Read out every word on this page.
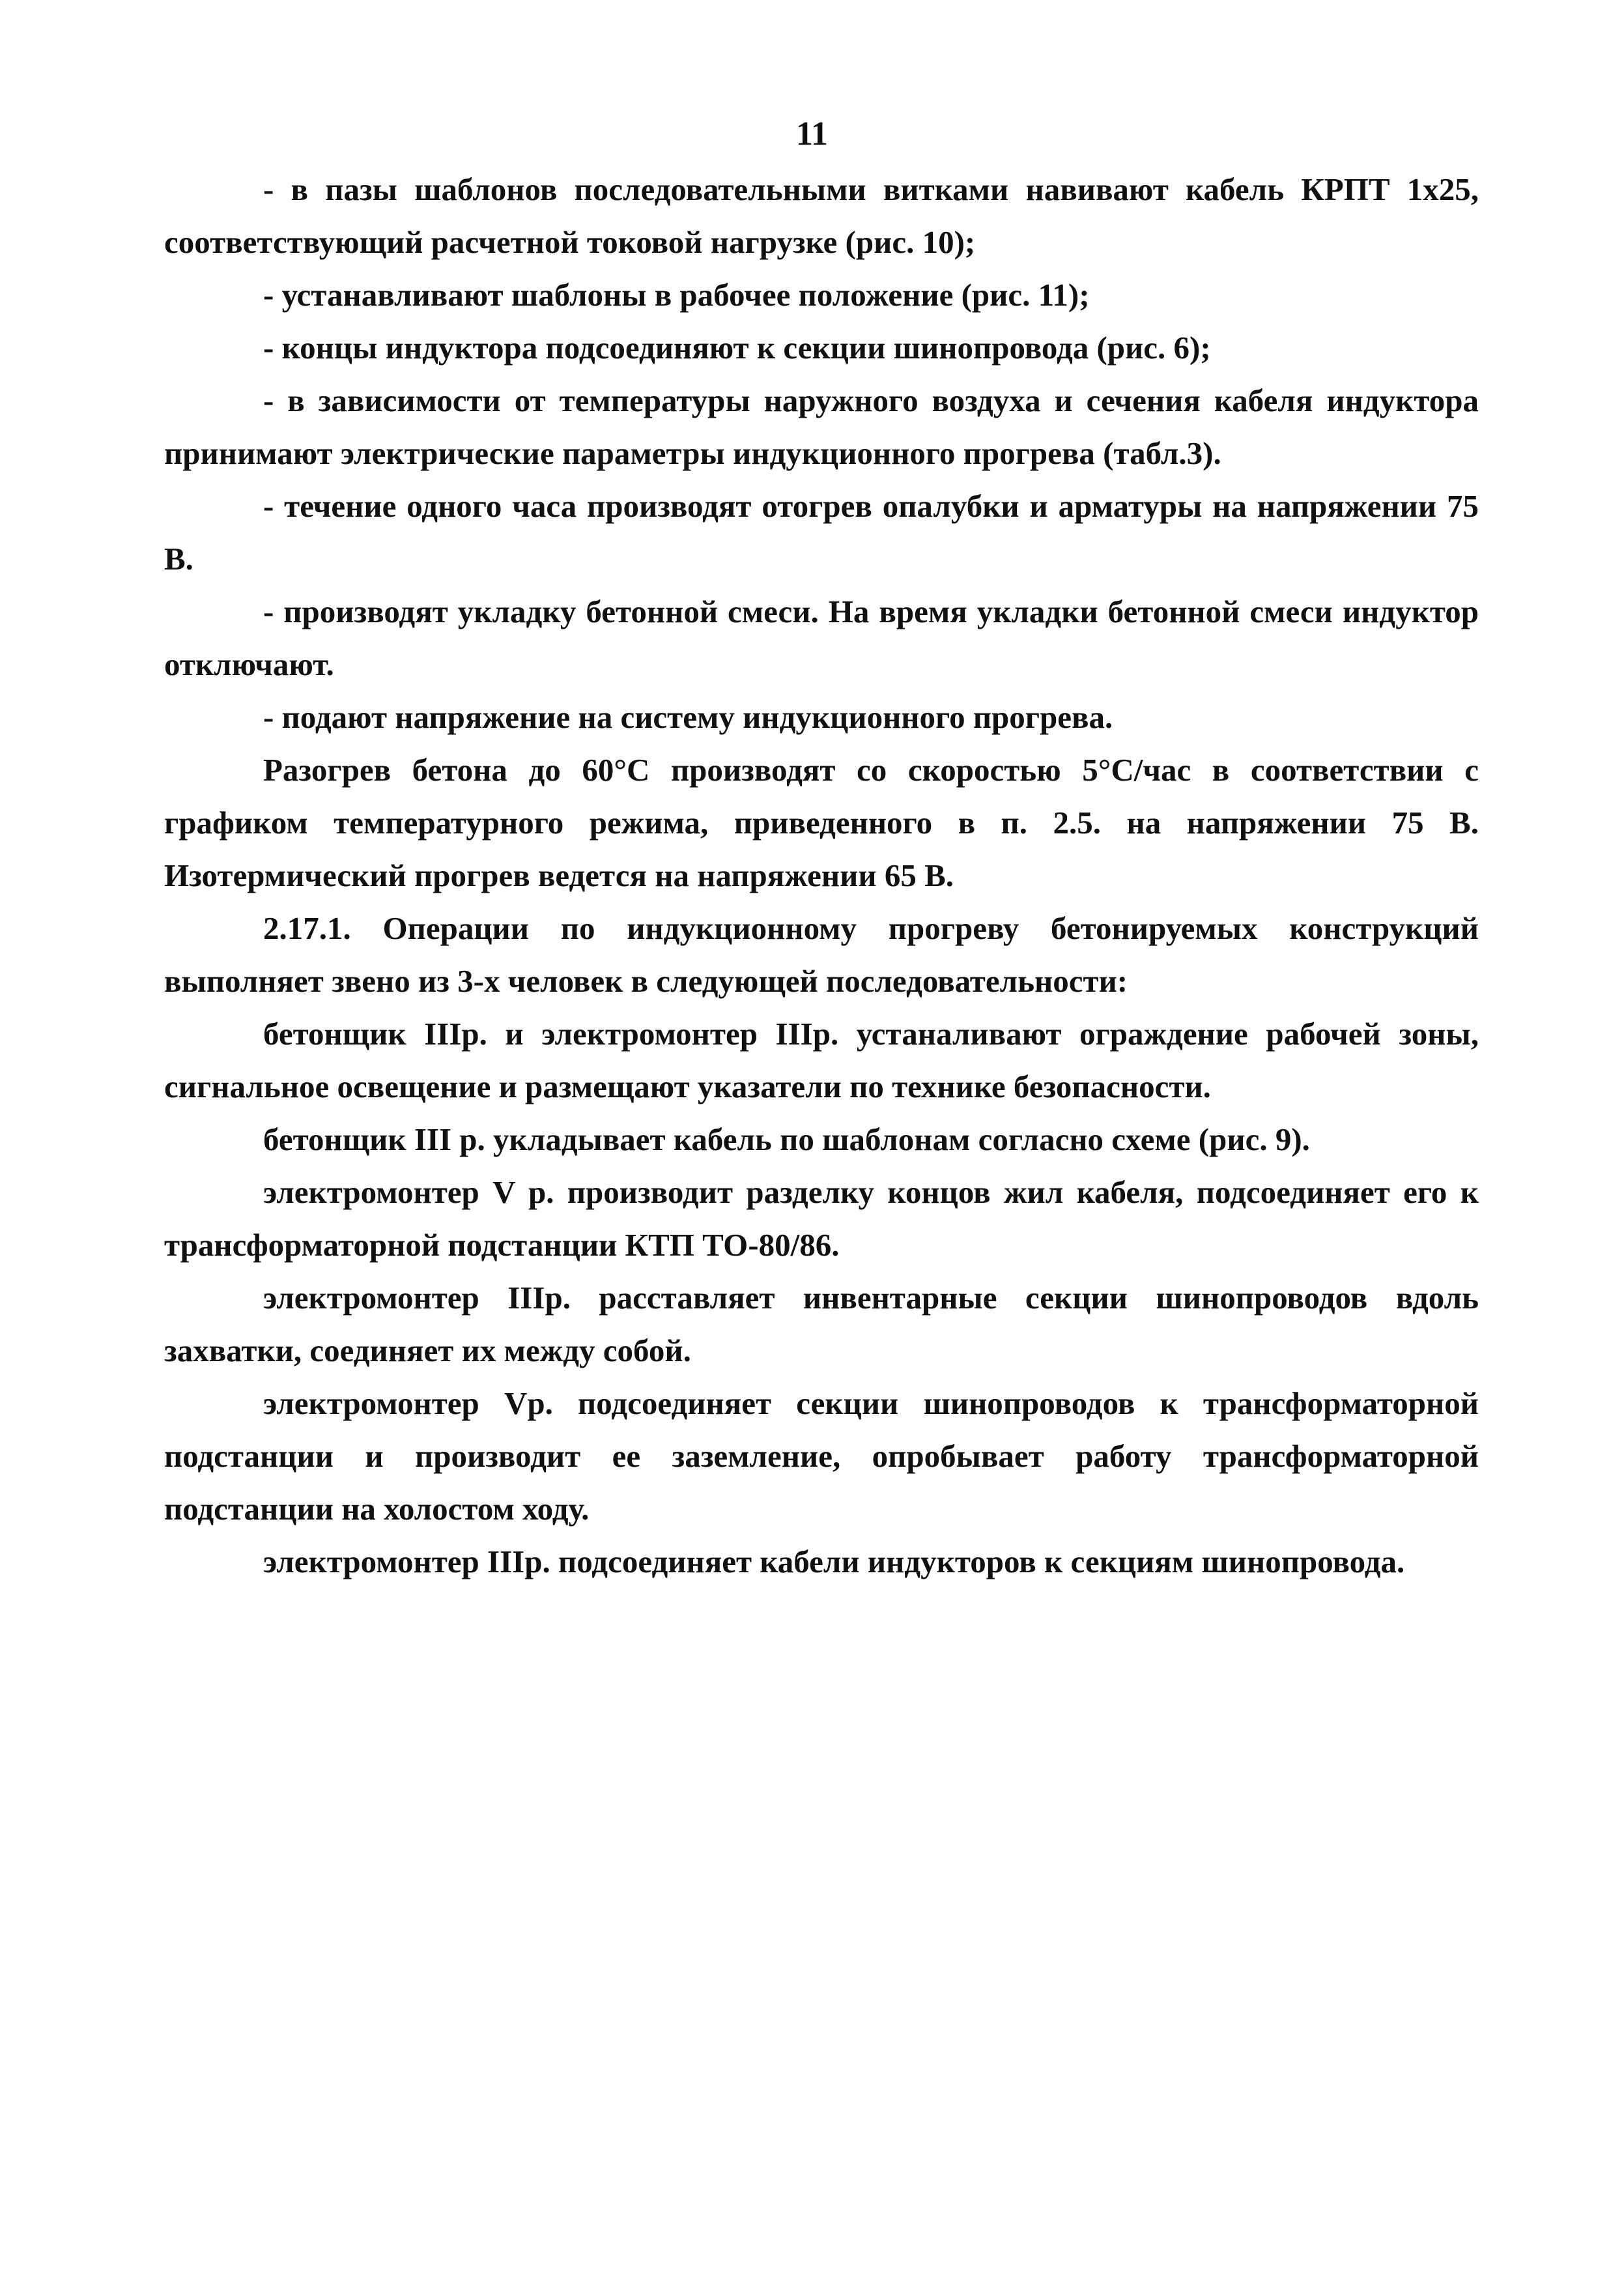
11

- в пазы шаблонов последовательными витками навивают кабель КРПТ 1х25, соответствующий расчетной токовой нагрузке (рис. 10);

- устанавливают шаблоны в рабочее положение (рис. 11);

- концы индуктора подсоединяют к секции шинопровода (рис. 6);

- в зависимости от температуры наружного воздуха и сечения кабеля индуктора принимают электрические параметры индукционного прогрева (табл.3).

- течение одного часа производят отогрев опалубки и арматуры на напряжении 75 В.

- производят укладку бетонной смеси. На время укладки бетонной смеси индуктор отключают.

- подают напряжение на систему индукционного прогрева.

Разогрев бетона до 60°С производят со скоростью 5°С/час в соответствии с графиком температурного режима, приведенного в п. 2.5. на напряжении 75 В. Изотермический прогрев ведется на напряжении 65 В.

2.17.1. Операции по индукционному прогреву бетонируемых конструкций выполняет звено из 3-х человек в следующей последовательности:

бетонщик IIIр. и электромонтер IIIр. устаналивают ограждение рабочей зоны, сигнальное освещение и размещают указатели по технике безопасности.

бетонщик III р. укладывает кабель по шаблонам согласно схеме (рис. 9).

электромонтер V р. производит разделку концов жил кабеля, подсоединяет его к трансформаторной подстанции КТП ТО-80/86.

электромонтер IIIр. расставляет инвентарные секции шинопроводов вдоль захватки, соединяет их между собой.

электромонтер Vр. подсоединяет секции шинопроводов к трансформаторной подстанции и производит ее заземление, опробывает работу трансформаторной подстанции на холостом ходу.

электромонтер IIIр. подсоединяет кабели индукторов к секциям шинопровода.
